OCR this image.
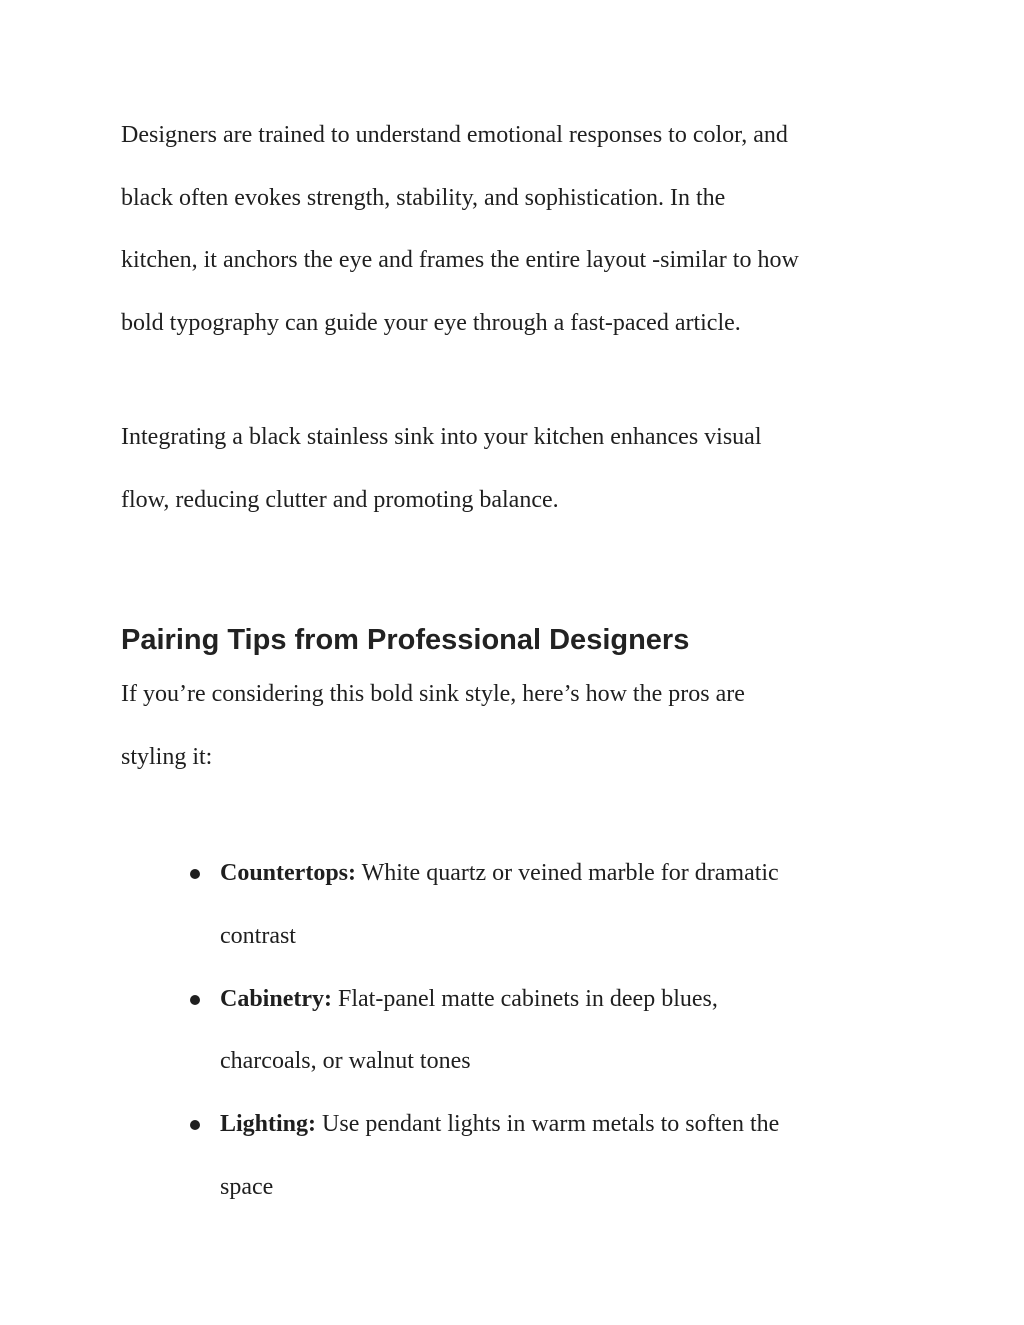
Designers are trained to understand emotional responses to color, and
black often evokes strength, stability, and sophistication. In the
kitchen, it anchors the eye and frames the entire layout -similar to how
bold typography can guide your eye through a fast-paced article.

Integrating a black stainless sink into your kitchen enhances visual
flow, reducing clutter and promoting balance.

Pairing Tips from Professional Designers

If you’re considering this bold sink style, here’s how the pros are
styling it:

Countertops: White quartz or veined marble for dramatic
contrast
Cabinetry: Flat-panel matte cabinets in deep blues,
charcoals, or walnut tones
Lighting: Use pendant lights in warm metals to soften the
space
